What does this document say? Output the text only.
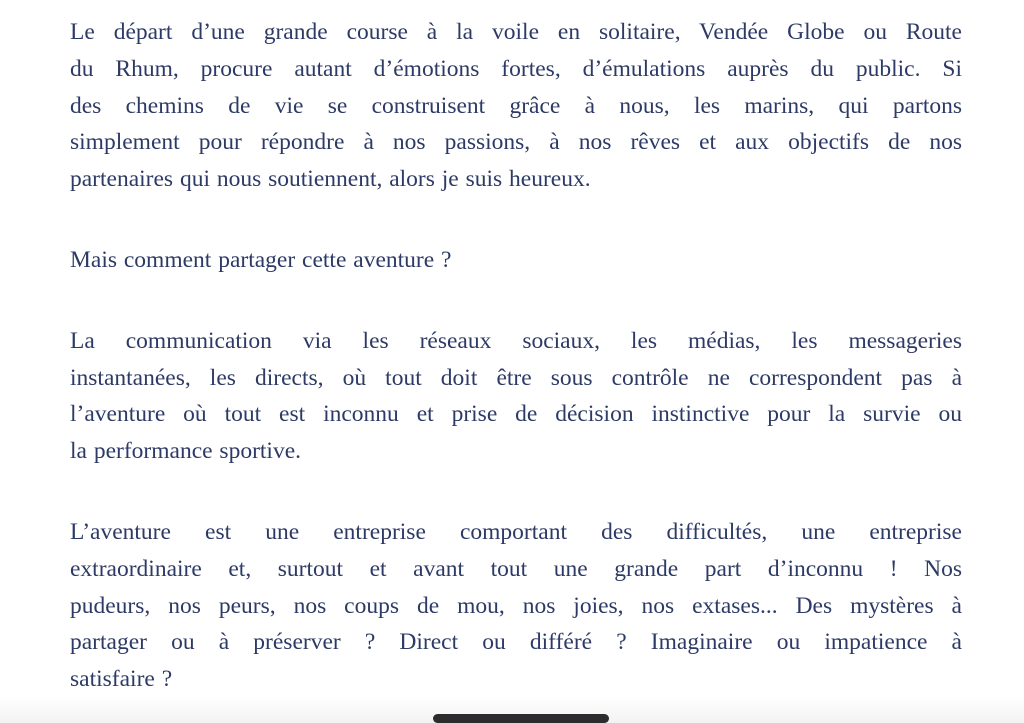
Le départ d’une grande course à la voile en solitaire, Vendée Globe ou Route
du Rhum, procure autant d’émotions fortes, d’émulations auprès du public. Si
des chemins de vie se construisent grâce à nous, les marins, qui partons
simplement pour répondre à nos passions, à nos rêves et aux objectifs de nos
partenaires qui nous soutiennent, alors je suis heureux.

Mais comment partager cette aventure ?

La communication via les réseaux sociaux, les médias, les messageries
instantanées, les directs, où tout doit être sous contrôle ne correspondent pas à
l’aventure où tout est inconnu et prise de décision instinctive pour la survie ou
la performance sportive.

L’aventure est une entreprise comportant des difficultés, une entreprise
extraordinaire et, surtout et avant tout une grande part d’inconnu ! Nos
pudeurs, nos peurs, nos coups de mou, nos joies, nos extases... Des mystères à
partager ou à préserver ? Direct ou différé ? Imaginaire ou impatience à
satisfaire ?
